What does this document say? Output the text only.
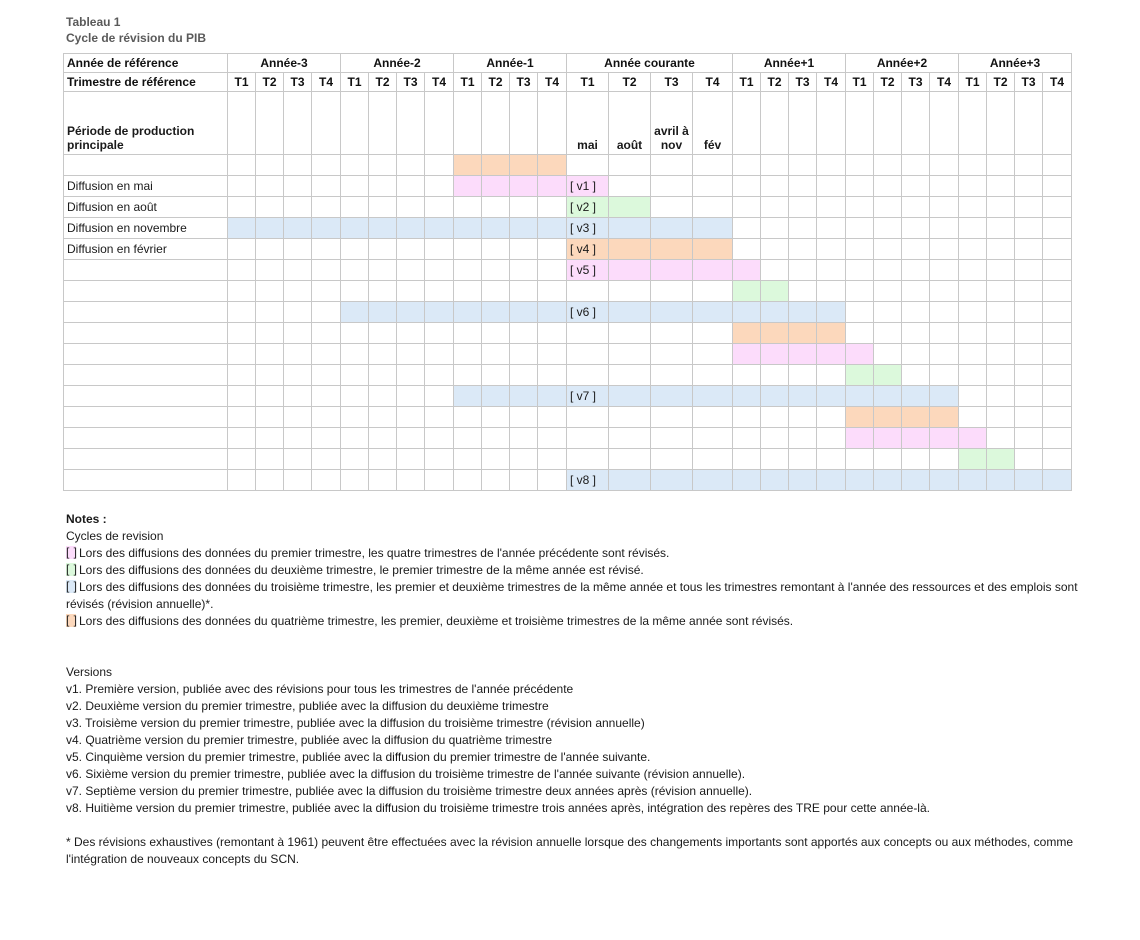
Tableau 1
Cycle de révision du PIB
Année de référence	Année-3				Année-2				Année-1				Année courante				Année+1				Année+2				Année+3			
Trimestre de référence	T1	T2	T3	T4	T1	T2	T3	T4	T1	T2	T3	T4	T1	T2	T3	T4	T1	T2	T3	T4	T1	T2	T3	T4	T1	T2	T3	T4
Période de production principale													mai	août	avril à nov	fév												

Diffusion en mai													[ v1 ]															
Diffusion en août													[ v2 ]															
Diffusion en novembre													[ v3 ]															
Diffusion en février													[ v4 ]															
													[ v5 ]															

													[ v6 ]															

													[ v7 ]															

													[ v8 ]															

Notes :

Cycles de revision

[ ]Lors des diffusions des données du premier trimestre, les quatre trimestres de l'année précédente sont révisés.

[ ]Lors des diffusions des données du deuxième trimestre, le premier trimestre de la même année est révisé.

[ ]Lors des diffusions des données du troisième trimestre, les premier et deuxième trimestres de la même année et tous les trimestres remontant à l'année des ressources et des emplois sont révisés (révision annuelle)*.

[ ]Lors des diffusions des données du quatrième trimestre, les premier, deuxième et troisième trimestres de la même année sont révisés.

Versions

v1. Première version, publiée avec des révisions pour tous les trimestres de l'année précédente

v2. Deuxième version du premier trimestre, publiée avec la diffusion du deuxième trimestre

v3. Troisième version du premier trimestre, publiée avec la diffusion du troisième trimestre (révision annuelle)

v4. Quatrième version du premier trimestre, publiée avec la diffusion du quatrième trimestre

v5. Cinquième version du premier trimestre, publiée avec la diffusion du premier trimestre de l'année suivante.

v6. Sixième version du premier trimestre, publiée avec la diffusion du troisième trimestre de l'année suivante (révision annuelle).

v7. Septième version du premier trimestre, publiée avec la diffusion du troisième trimestre deux années après (révision annuelle).

v8. Huitième version du premier trimestre, publiée avec la diffusion du troisième trimestre trois années après, intégration des repères des TRE pour cette année-là.

* Des révisions exhaustives (remontant à 1961) peuvent être effectuées avec la révision annuelle lorsque des changements importants sont apportés aux concepts ou aux méthodes, comme l'intégration de nouveaux concepts du SCN.
